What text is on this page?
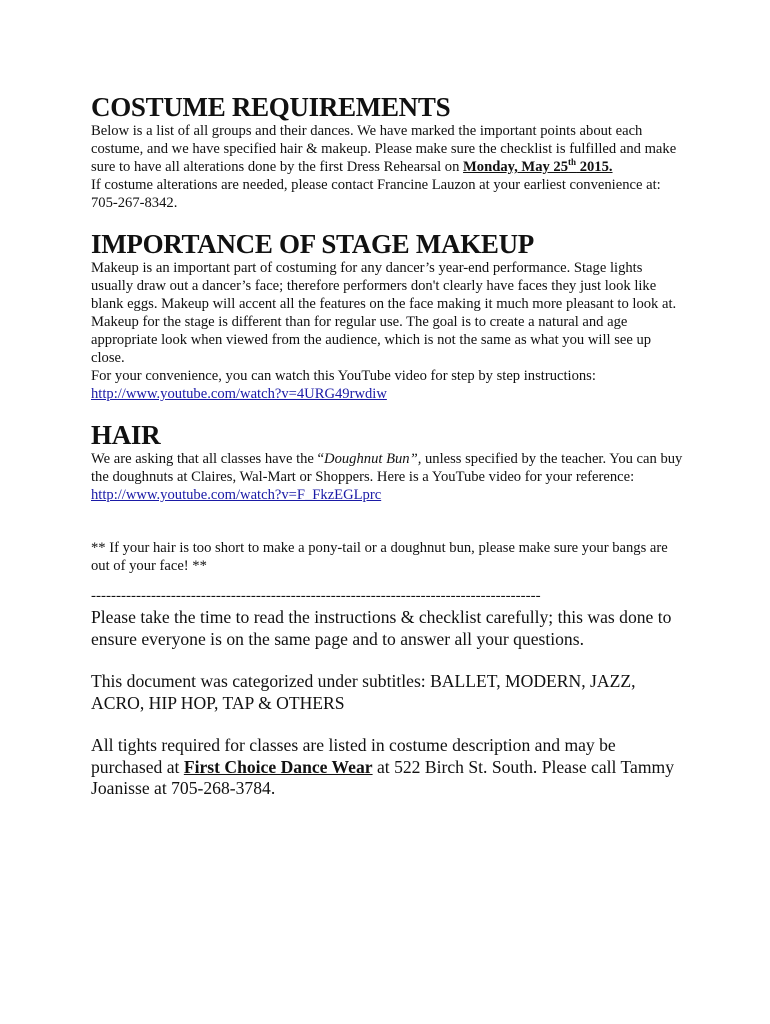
COSTUME REQUIREMENTS

Below is a list of all groups and their dances. We have marked the important points about each costume, and we have specified hair & makeup. Please make sure the checklist is fulfilled and make sure to have all alterations done by the first Dress Rehearsal on Monday, May 25th 2015.
If costume alterations are needed, please contact Francine Lauzon at your earliest convenience at: 705-267-8342.

IMPORTANCE OF STAGE MAKEUP

Makeup is an important part of costuming for any dancer’s year-end performance. Stage lights usually draw out a dancer’s face; therefore performers don't clearly have faces they just look like blank eggs. Makeup will accent all the features on the face making it much more pleasant to look at. Makeup for the stage is different than for regular use. The goal is to create a natural and age appropriate look when viewed from the audience, which is not the same as what you will see up close.

For your convenience, you can watch this YouTube video for step by step instructions:

http://www.youtube.com/watch?v=4URG49rwdiw

HAIR

We are asking that all classes have the “Doughnut Bun”, unless specified by the teacher. You can buy the doughnuts at Claires, Wal-Mart or Shoppers. Here is a YouTube video for your reference: http://www.youtube.com/watch?v=F_FkzEGLprc

** If your hair is too short to make a pony-tail or a doughnut bun, please make sure your bangs are out of your face! **

------------------------------------------------------------------------------------------

Please take the time to read the instructions & checklist carefully; this was done to ensure everyone is on the same page and to answer all your questions.

This document was categorized under subtitles: BALLET, MODERN, JAZZ, ACRO, HIP HOP, TAP & OTHERS

All tights required for classes are listed in costume description and may be purchased at First Choice Dance Wear at 522 Birch St. South. Please call Tammy Joanisse at 705-268-3784.
